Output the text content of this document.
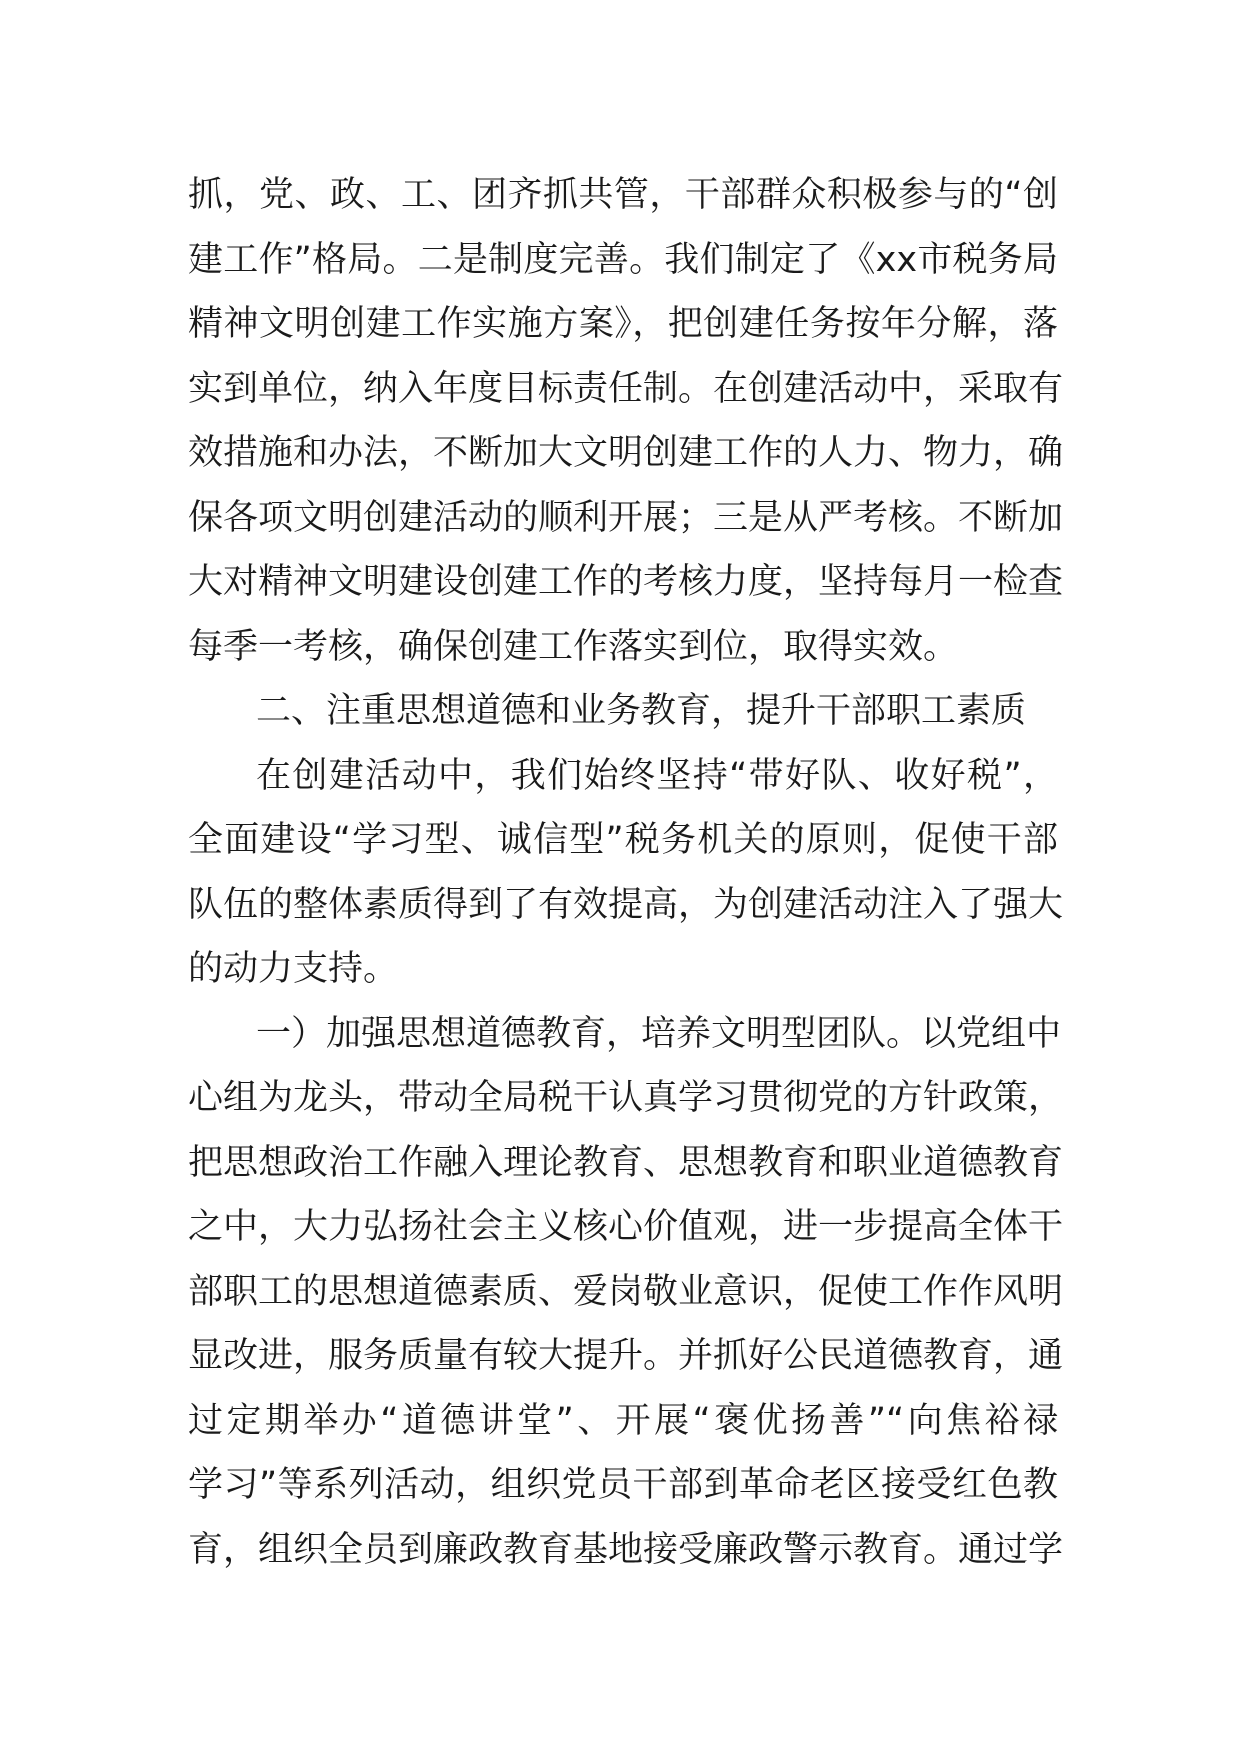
抓，党、政、工、团齐抓共管，干部群众积极参与的“创
建工作”格局。二是制度完善。我们制定了《xx市税务局
精神文明创建工作实施方案》，把创建任务按年分解，落
实到单位，纳入年度目标责任制。在创建活动中，采取有
效措施和办法，不断加大文明创建工作的人力、物力，确
保各项文明创建活动的顺利开展；三是从严考核。不断加
大对精神文明建设创建工作的考核力度，坚持每月一检查
每季一考核，确保创建工作落实到位，取得实效。
二、注重思想道德和业务教育，提升干部职工素质
在创建活动中，我们始终坚持“带好队、收好税”，
全面建设“学习型、诚信型”税务机关的原则，促使干部
队伍的整体素质得到了有效提高，为创建活动注入了强大
的动力支持。
一）加强思想道德教育，培养文明型团队。以党组中
心组为龙头，带动全局税干认真学习贯彻党的方针政策，
把思想政治工作融入理论教育、思想教育和职业道德教育
之中，大力弘扬社会主义核心价值观，进一步提高全体干
部职工的思想道德素质、爱岗敬业意识，促使工作作风明
显改进，服务质量有较大提升。并抓好公民道德教育，通
过定期举办“道德讲堂”、开展“褒优扬善”“向焦裕禄
学习”等系列活动，组织党员干部到革命老区接受红色教
育，组织全员到廉政教育基地接受廉政警示教育。通过学
